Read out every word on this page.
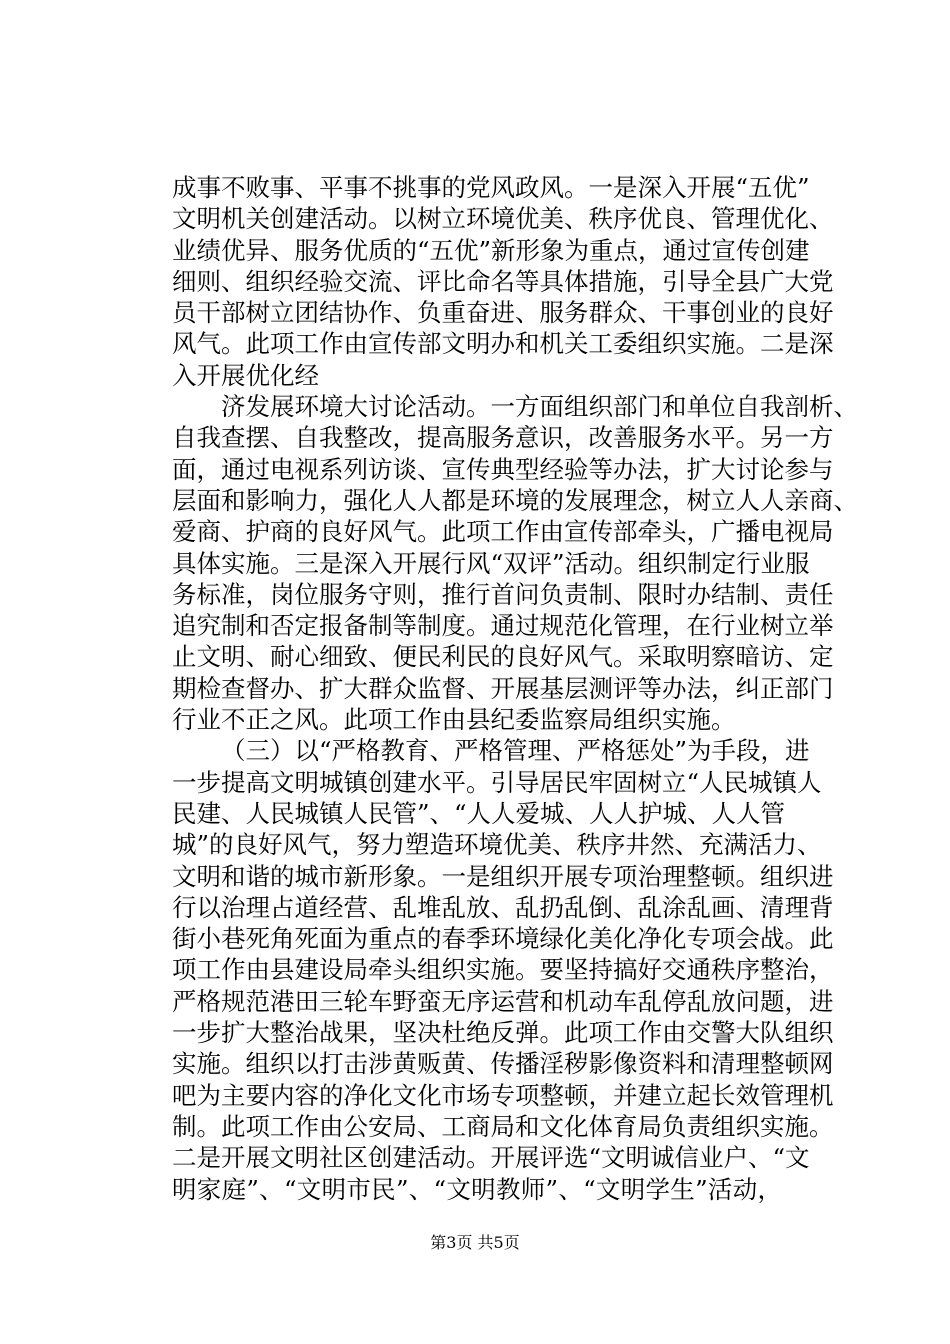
成事不败事、平事不挑事的党风政风。一是深入开展“五优”
文明机关创建活动。以树立环境优美、秩序优良、管理优化、
业绩优异、服务优质的“五优”新形象为重点，通过宣传创建
细则、组织经验交流、评比命名等具体措施，引导全县广大党
员干部树立团结协作、负重奋进、服务群众、干事创业的良好
风气。此项工作由宣传部文明办和机关工委组织实施。二是深
入开展优化经
济发展环境大讨论活动。一方面组织部门和单位自我剖析、
自我查摆、自我整改，提高服务意识，改善服务水平。另一方
面，通过电视系列访谈、宣传典型经验等办法，扩大讨论参与
层面和影响力，强化人人都是环境的发展理念，树立人人亲商、
爱商、护商的良好风气。此项工作由宣传部牵头，广播电视局
具体实施。三是深入开展行风“双评”活动。组织制定行业服
务标准，岗位服务守则，推行首问负责制、限时办结制、责任
追究制和否定报备制等制度。通过规范化管理，在行业树立举
止文明、耐心细致、便民利民的良好风气。采取明察暗访、定
期检查督办、扩大群众监督、开展基层测评等办法，纠正部门
行业不正之风。此项工作由县纪委监察局组织实施。
（三）以“严格教育、严格管理、严格惩处”为手段，进
一步提高文明城镇创建水平。引导居民牢固树立“人民城镇人
民建、人民城镇人民管”、“人人爱城、人人护城、人人管
城”的良好风气，努力塑造环境优美、秩序井然、充满活力、
文明和谐的城市新形象。一是组织开展专项治理整顿。组织进
行以治理占道经营、乱堆乱放、乱扔乱倒、乱涂乱画、清理背
街小巷死角死面为重点的春季环境绿化美化净化专项会战。此
项工作由县建设局牵头组织实施。要坚持搞好交通秩序整治，
严格规范港田三轮车野蛮无序运营和机动车乱停乱放问题，进
一步扩大整治战果，坚决杜绝反弹。此项工作由交警大队组织
实施。组织以打击涉黄贩黄、传播淫秽影像资料和清理整顿网
吧为主要内容的净化文化市场专项整顿，并建立起长效管理机
制。此项工作由公安局、工商局和文化体育局负责组织实施。
二是开展文明社区创建活动。开展评选“文明诚信业户、“文
明家庭”、“文明市民”、“文明教师”、“文明学生”活动，
第3页 共5页
